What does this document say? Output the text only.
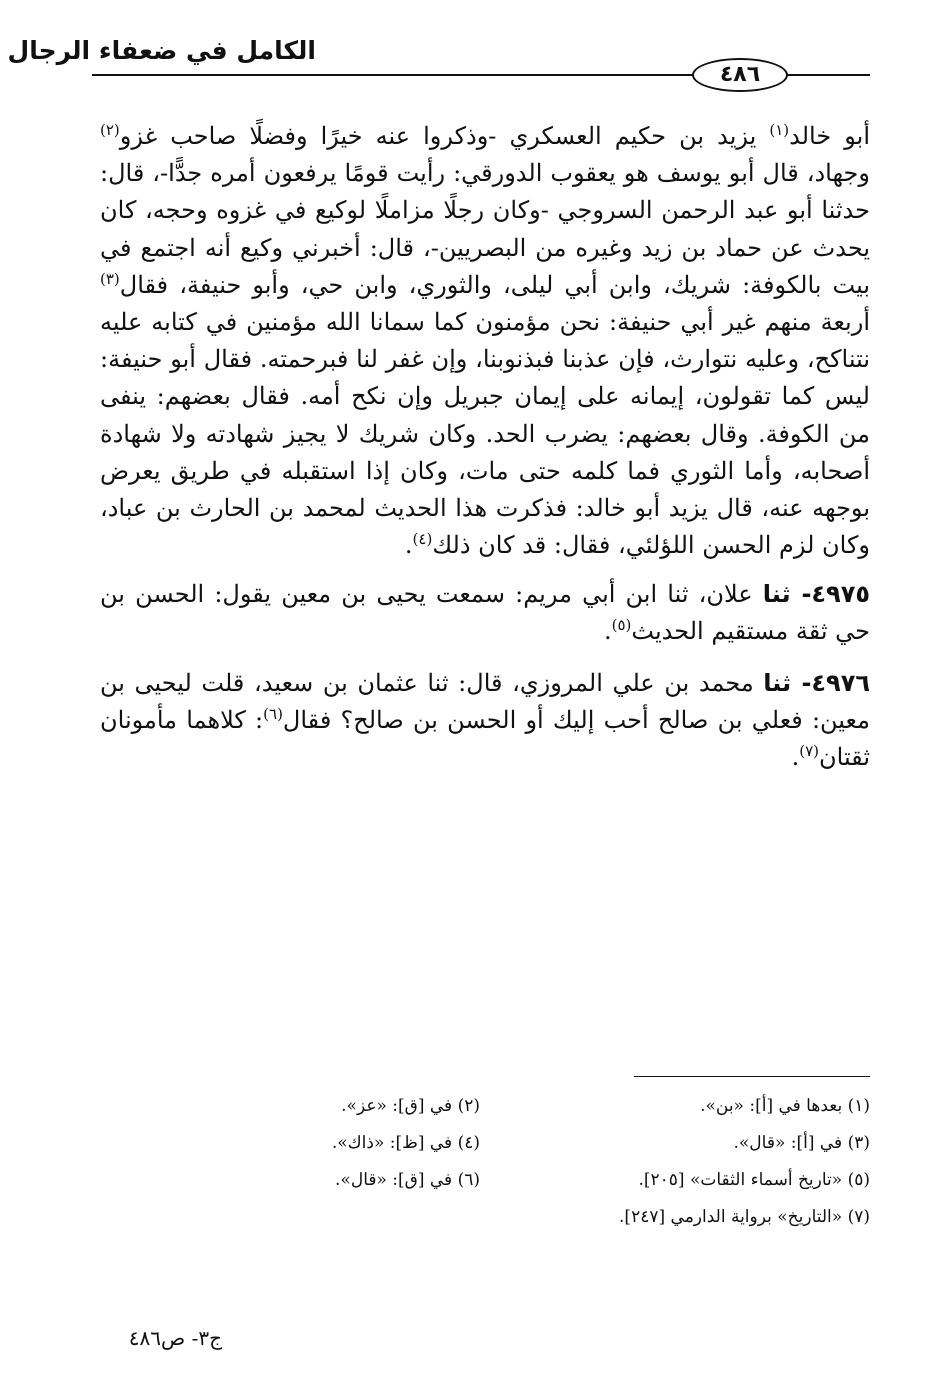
الكامل في ضعفاء الرجال
٤٨٦

أبو خالد$^{(١)}$ يزيد بن حكيم العسكري -وذكروا عنه خيرًا وفضلًا صاحب غزو$^{(٢)}$ وجهاد، قال أبو يوسف هو يعقوب الدورقي: رأيت قومًا يرفعون أمره جدًّا-، قال: حدثنا أبو عبد الرحمن السروجي -وكان رجلًا مزاملًا لوكيع في غزوه وحجه، كان يحدث عن حماد بن زيد وغيره من البصريين-، قال: أخبرني وكيع أنه اجتمع في بيت بالكوفة: شريك، وابن أبي ليلى، والثوري، وابن حي، وأبو حنيفة، فقال$^{(٣)}$ أربعة منهم غير أبي حنيفة: نحن مؤمنون كما سمانا الله مؤمنين في كتابه عليه نتناكح، وعليه نتوارث، فإن عذبنا فبذنوبنا، وإن غفر لنا فبرحمته. فقال أبو حنيفة: ليس كما تقولون، إيمانه على إيمان جبريل وإن نكح أمه. فقال بعضهم: ينفى من الكوفة. وقال بعضهم: يضرب الحد. وكان شريك لا يجيز شهادته ولا شهادة أصحابه، وأما الثوري فما كلمه حتى مات، وكان إذا استقبله في طريق يعرض بوجهه عنه، قال يزيد أبو خالد: فذكرت هذا الحديث لمحمد بن الحارث بن عباد، وكان لزم الحسن اللؤلئي، فقال: قد كان ذلك$^{(٤)}$.

٤٩٧٥- ثنا علان، ثنا ابن أبي مريم: سمعت يحيى بن معين يقول: الحسن بن حي ثقة مستقيم الحديث$^{(٥)}$.

٤٩٧٦- ثنا محمد بن علي المروزي، قال: ثنا عثمان بن سعيد، قلت ليحيى بن معين: فعلي بن صالح أحب إليك أو الحسن بن صالح؟ فقال$^{(٦)}$: كلاهما مأمونان ثقتان$^{(٧)}$.

(١) بعدها في [أ]: «بن».
(٢) في [ق]: «عز».
(٣) في [أ]: «قال».
(٤) في [ظ]: «ذاك».
(٥) «تاريخ أسماء الثقات» [٢٠٥].
(٦) في [ق]: «قال».
(٧) «التاريخ» برواية الدارمي [٢٤٧].
ج٣- ص٤٨٦
